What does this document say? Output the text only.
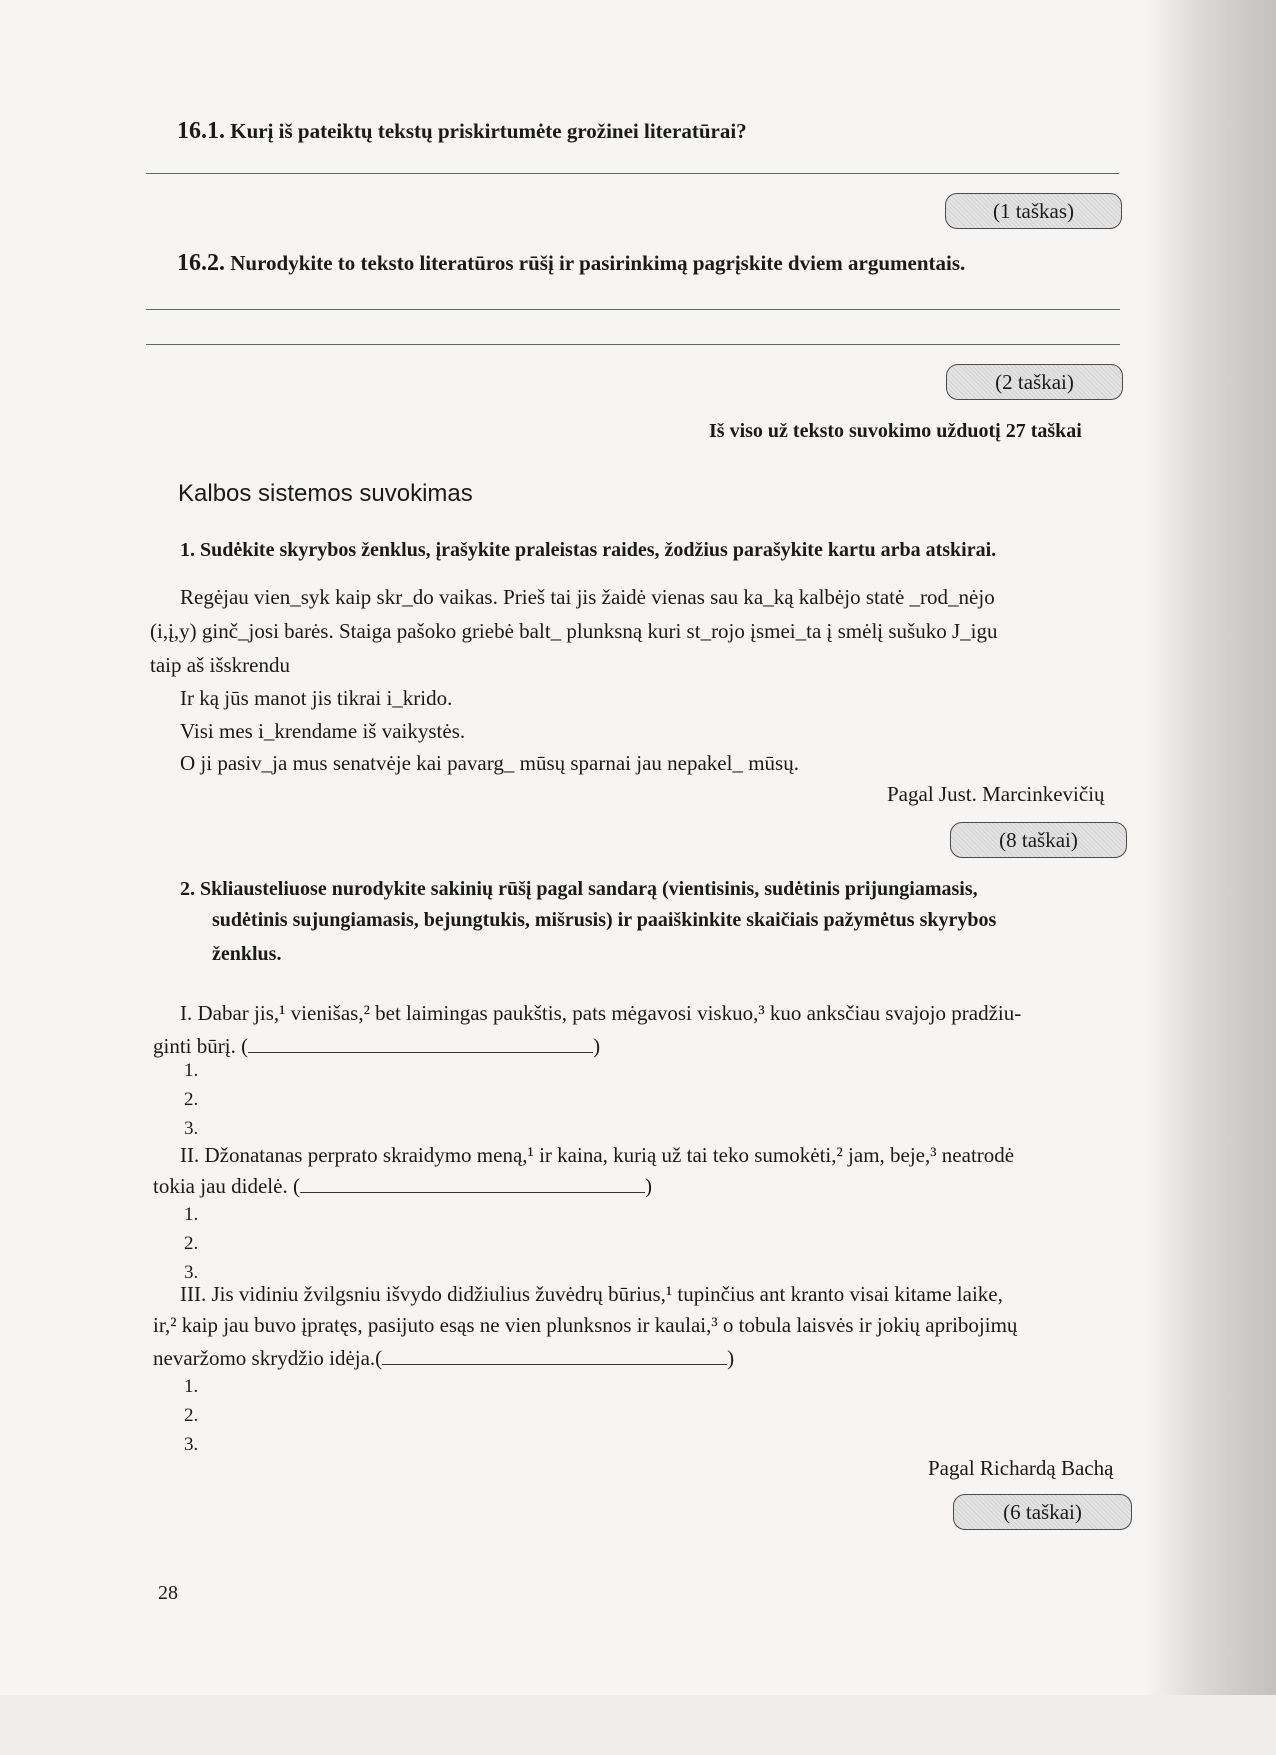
16.1. Kurį iš pateiktų tekstų priskirtumėte grožinei literatūrai?
(1 taškas)
16.2. Nurodykite to teksto literatūros rūšį ir pasirinkimą pagrįskite dviem argumentais.
(2 taškai)
Iš viso už teksto suvokimo užduotį 27 taškai
Kalbos sistemos suvokimas
1. Sudėkite skyrybos ženklus, įrašykite praleistas raides, žodžius parašykite kartu arba atskirai.
Regėjau vien_syk kaip skr_do vaikas. Prieš tai jis žaidė vienas sau ka_ką kalbėjo statė _rod_nėjo
(i,į,y) ginč_josi barės. Staiga pašoko griebė balt_ plunksną kuri st_rojo įsmei_ta į smėlį sušuko J_igu
taip aš išskrendu
Ir ką jūs manot jis tikrai i_krido.
Visi mes i_krendame iš vaikystės.
O ji pasiv_ja mus senatvėje kai pavarg_ mūsų sparnai jau nepakel_ mūsų.
Pagal Just. Marcinkevičių
(8 taškai)
2. Skliausteliuose nurodykite sakinių rūšį pagal sandarą (vientisinis, sudėtinis prijungiamasis,
sudėtinis sujungiamasis, bejungtukis, mišrusis) ir paaiškinkite skaičiais pažymėtus skyrybos
ženklus.
I. Dabar jis,¹ vienišas,² bet laimingas paukštis, pats mėgavosi viskuo,³ kuo anksčiau svajojo pradžiu-
ginti būrį. (	)
1.
2.
3.
II. Džonatanas perprato skraidymo meną,¹ ir kaina, kurią už tai teko sumokėti,² jam, beje,³ neatrodė
tokia jau didelė. (	)
1.
2.
3.
III. Jis vidiniu žvilgsniu išvydo didžiulius žuvėdrų būrius,¹ tupinčius ant kranto visai kitame laike,
ir,² kaip jau buvo įpratęs, pasijuto esąs ne vien plunksnos ir kaulai,³ o tobula laisvės ir jokių apribojimų
nevaržomo skrydžio idėja.(	)
1.
2.
3.
Pagal Richardą Bachą
(6 taškai)
28
